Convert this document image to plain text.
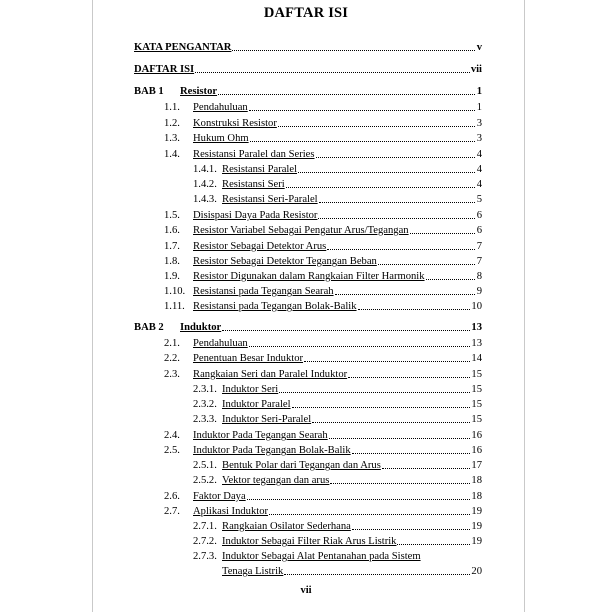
DAFTAR ISI
KATA PENGANTAR	v
DAFTAR ISI	vii
BAB 1	Resistor	1
1.1.	Pendahuluan	1
1.2.	Konstruksi Resistor	3
1.3.	Hukum Ohm	3
1.4.	Resistansi Paralel dan Series	4
1.4.1. Resistansi Paralel	4
1.4.2. Resistansi Seri	4
1.4.3. Resistansi Seri-Paralel	5
1.5.	Disispasi Daya Pada Resistor	6
1.6.	Resistor Variabel Sebagai Pengatur Arus/Tegangan	6
1.7.	Resistor Sebagai Detektor Arus	7
1.8.	Resistor Sebagai Detektor Tegangan Beban	7
1.9.	Resistor Digunakan dalam Rangkaian Filter Harmonik	8
1.10. Resistansi pada Tegangan Searah	9
1.11. Resistansi pada Tegangan Bolak-Balik	10
BAB 2	Induktor	13
2.1.	Pendahuluan	13
2.2.	Penentuan Besar Induktor	14
2.3.	Rangkaian Seri dan Paralel Induktor	15
2.3.1. Induktor Seri	15
2.3.2. Induktor Paralel	15
2.3.3. Induktor Seri-Paralel	15
2.4.	Induktor Pada Tegangan Searah	16
2.5.	Induktor Pada Tegangan Bolak-Balik	16
2.5.1. Bentuk Polar dari Tegangan dan Arus	17
2.5.2. Vektor tegangan dan arus	18
2.6.	Faktor Daya	18
2.7.	Aplikasi Induktor	19
2.7.1. Rangkaian Osilator Sederhana	19
2.7.2. Induktor Sebagai Filter Riak Arus Listrik	19
2.7.3. Induktor Sebagai Alat Pentanahan pada Sistem
Tenaga Listrik	20
vii
